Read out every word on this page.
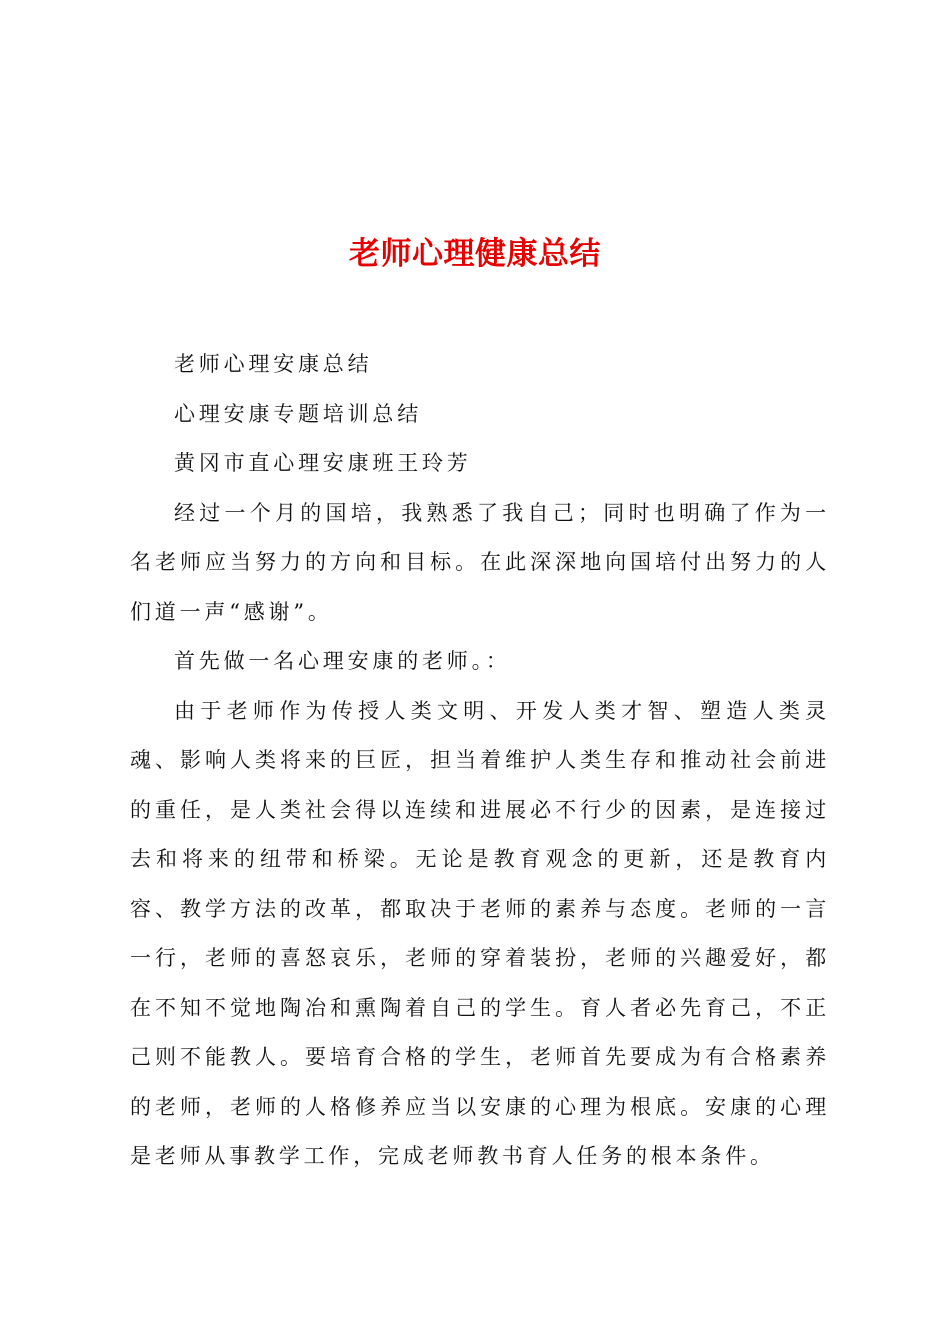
老师心理健康总结

老师心理安康总结

心理安康专题培训总结

黄冈市直心理安康班王玲芳

经过一个月的国培，我熟悉了我自己；同时也明确了作为一名老师应当努力的方向和目标。在此深深地向国培付出努力的人们道一声“感谢”。

首先做一名心理安康的老师。：

由于老师作为传授人类文明、开发人类才智、塑造人类灵魂、影响人类将来的巨匠，担当着维护人类生存和推动社会前进的重任，是人类社会得以连续和进展必不行少的因素，是连接过去和将来的纽带和桥梁。无论是教育观念的更新，还是教育内容、教学方法的改革，都取决于老师的素养与态度。老师的一言一行，老师的喜怒哀乐，老师的穿着装扮，老师的兴趣爱好，都在不知不觉地陶冶和熏陶着自己的学生。育人者必先育己，不正己则不能教人。要培育合格的学生，老师首先要成为有合格素养的老师，老师的人格修养应当以安康的心理为根底。安康的心理是老师从事教学工作，完成老师教书育人任务的根本条件。
